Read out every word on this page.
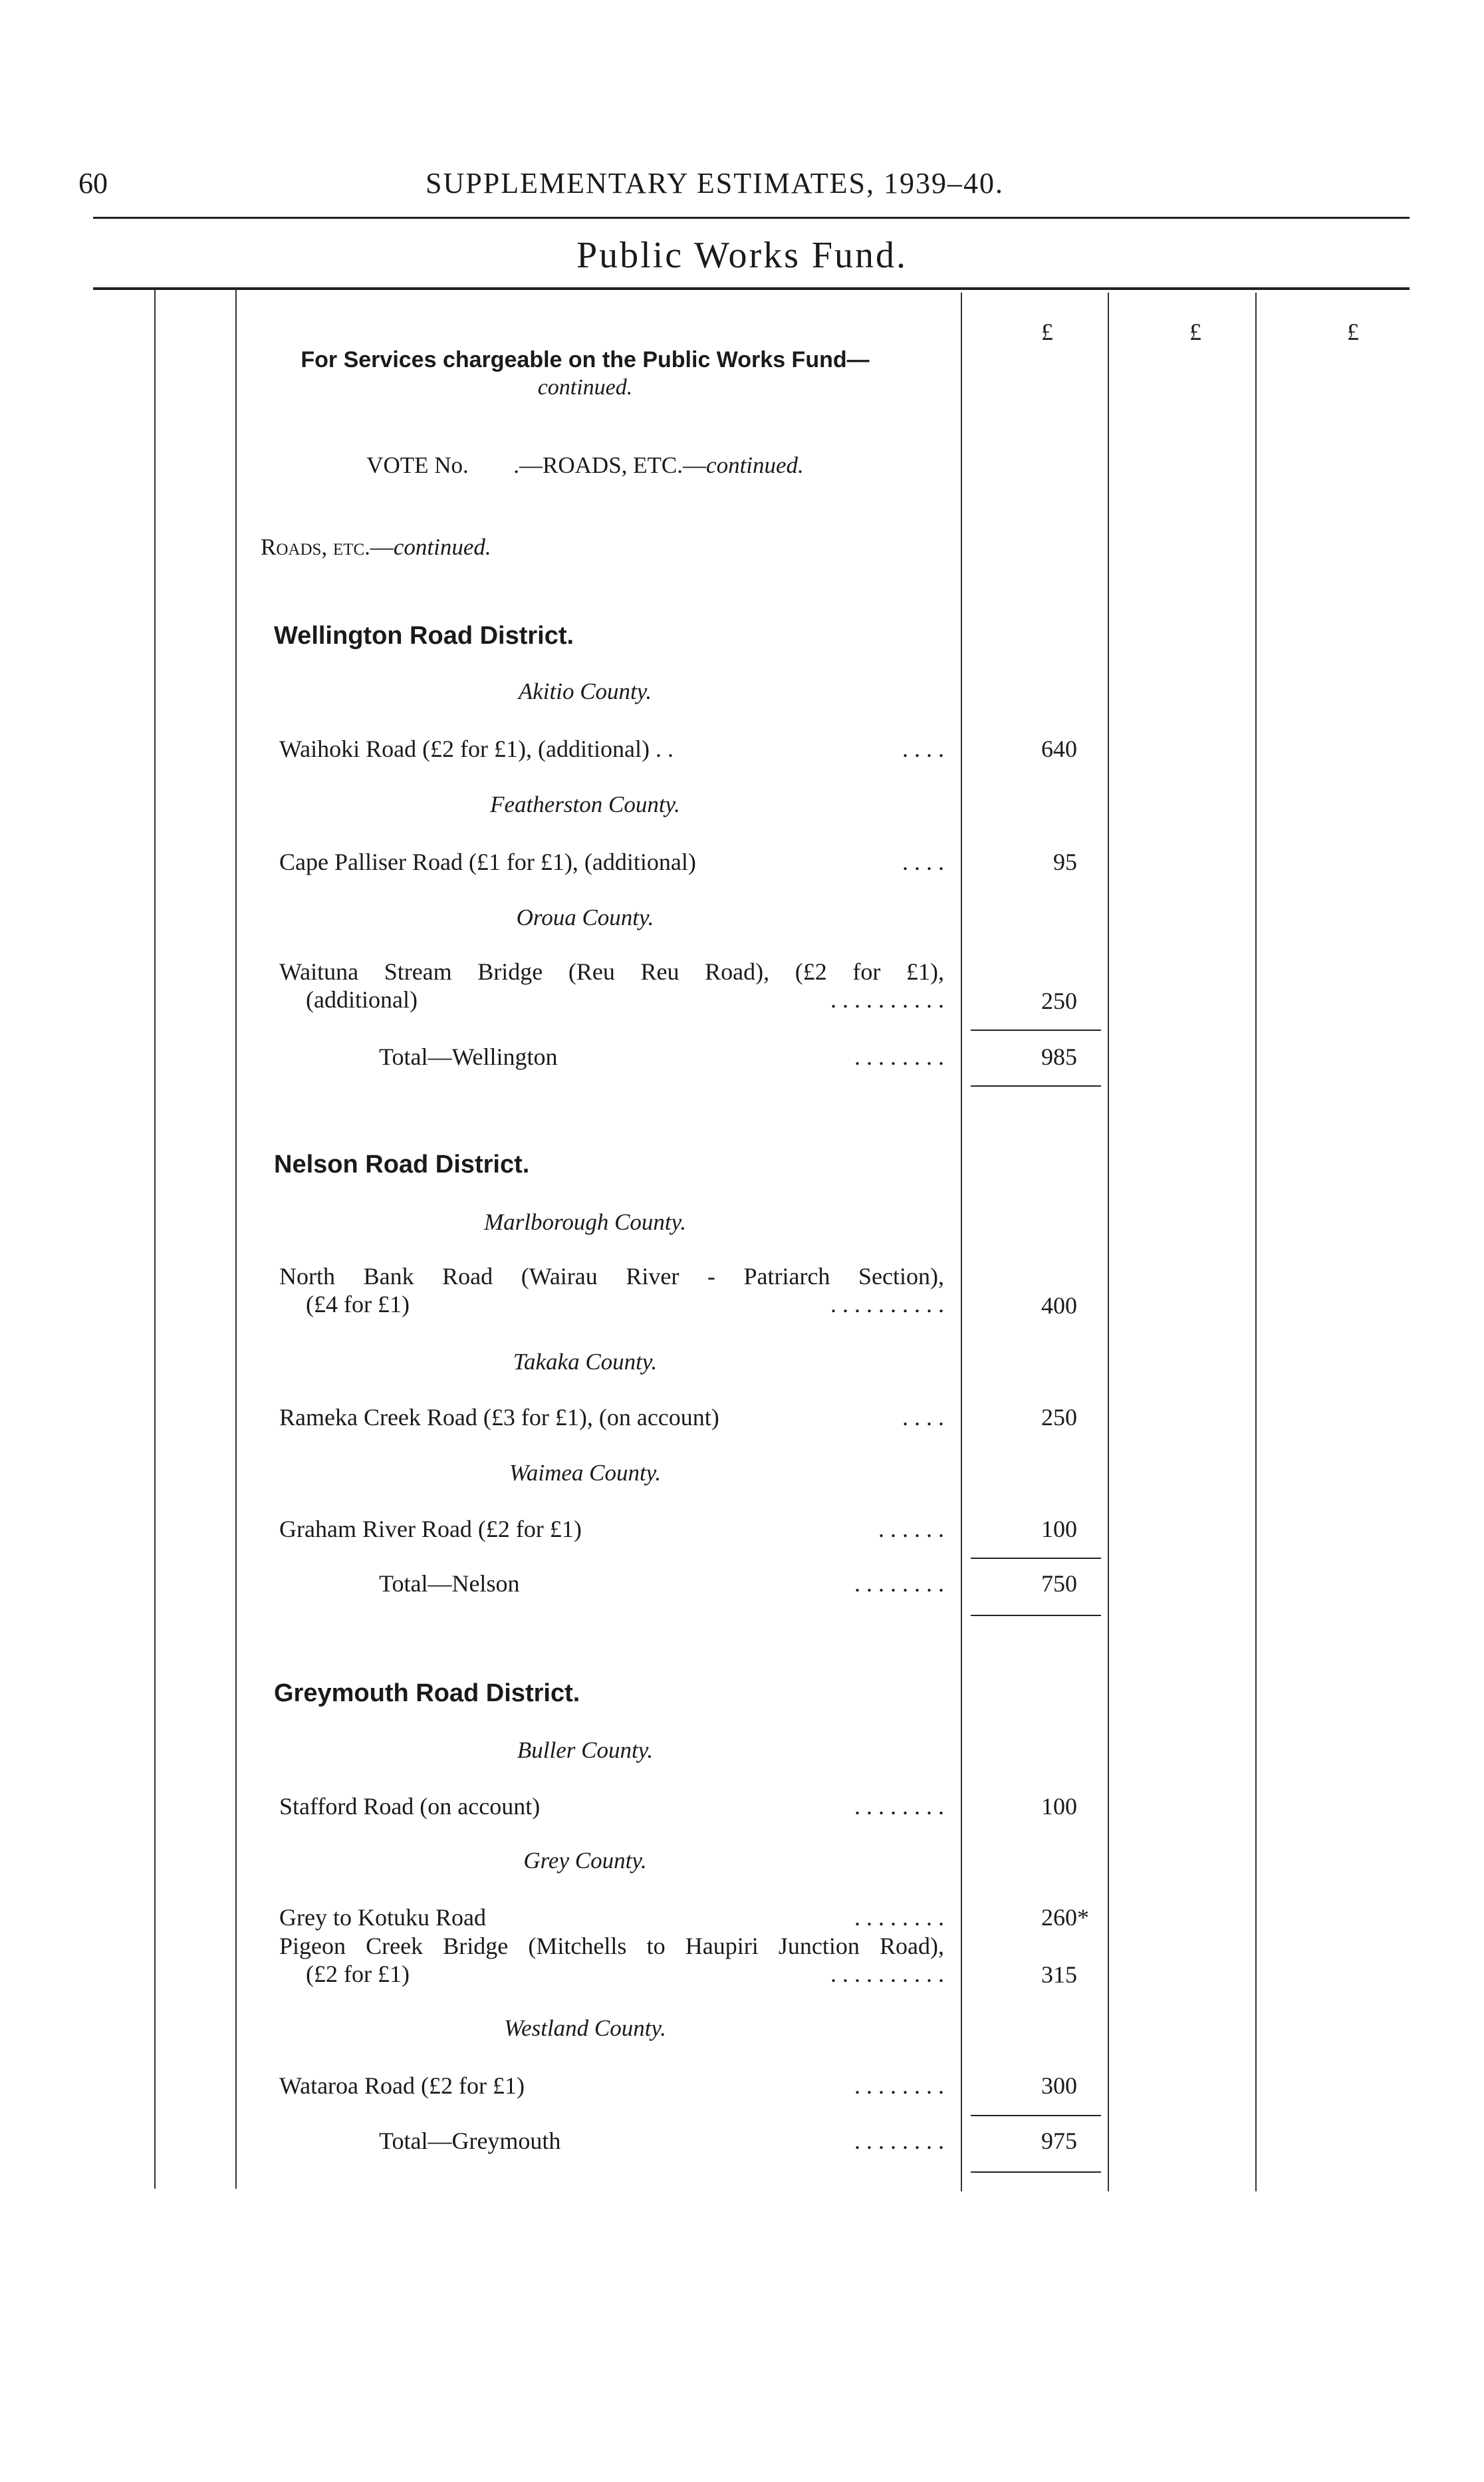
60	SUPPLEMENTARY ESTIMATES, 1939–40.
Public Works Fund.
£	£	£
For Services chargeable on the Public Works Fund—
continued.
VOTE No. .—ROADS, ETC.—continued.
Roads, etc.—continued.
Wellington Road District.
Akitio County.
Waihoki Road (£2 for £1), (additional) . .	. . . .	640
Featherston County.
Cape Palliser Road (£1 for £1), (additional)	. . . .	95
Oroua County.
Waituna Stream Bridge (Reu Reu Road), (£2 for £1),
(additional)	. . . . . . . . . .	250
Total—Wellington	. . . . . . . .	985
Nelson Road District.
Marlborough County.
North Bank Road (Wairau River - Patriarch Section),
(£4 for £1)	. . . . . . . . . .	400
Takaka County.
Rameka Creek Road (£3 for £1), (on account)	. . . .	250
Waimea County.
Graham River Road (£2 for £1)	. . . . . .	100
Total—Nelson	. . . . . . . .	750
Greymouth Road District.
Buller County.
Stafford Road (on account)	. . . . . . . .	100
Grey County.
Grey to Kotuku Road	. . . . . . . .	260*
Pigeon Creek Bridge (Mitchells to Haupiri Junction Road),
(£2 for £1)	. . . . . . . . . .	315
Westland County.
Wataroa Road (£2 for £1)	. . . . . . . .	300
Total—Greymouth	. . . . . . . .	975
